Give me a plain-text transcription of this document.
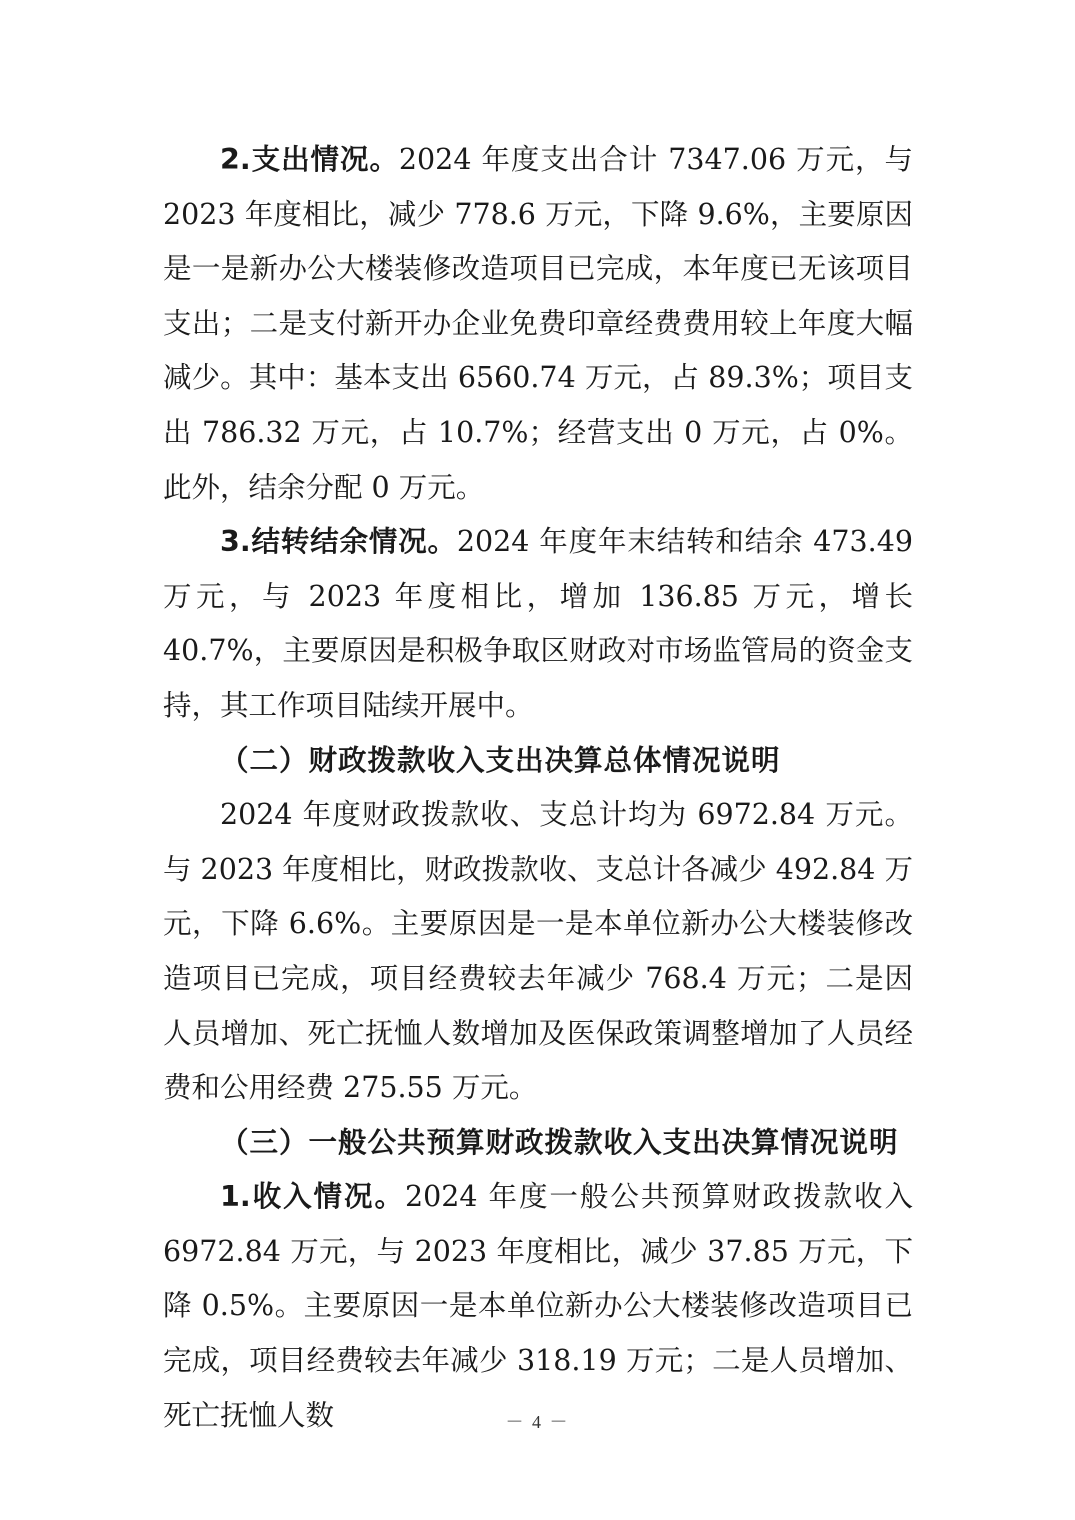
2.支出情况。2024 年度支出合计 7347.06 万元，与 2023 年度相比，减少 778.6 万元，下降 9.6%，主要原因是一是新办公大楼装修改造项目已完成，本年度已无该项目支出；二是支付新开办企业免费印章经费费用较上年度大幅减少。其中：基本支出 6560.74 万元，占 89.3%；项目支出 786.32 万元，占 10.7%；经营支出 0 万元，占 0%。此外，结余分配 0 万元。

3.结转结余情况。2024 年度年末结转和结余 473.49 万元，与 2023 年度相比，增加 136.85 万元，增长 40.7%，主要原因是积极争取区财政对市场监管局的资金支持，其工作项目陆续开展中。

（二）财政拨款收入支出决算总体情况说明

2024 年度财政拨款收、支总计均为 6972.84 万元。与 2023 年度相比，财政拨款收、支总计各减少 492.84 万元，下降 6.6%。主要原因是一是本单位新办公大楼装修改造项目已完成，项目经费较去年减少 768.4 万元；二是因人员增加、死亡抚恤人数增加及医保政策调整增加了人员经费和公用经费 275.55 万元。

（三）一般公共预算财政拨款收入支出决算情况说明

1.收入情况。2024 年度一般公共预算财政拨款收入 6972.84 万元，与 2023 年度相比，减少 37.85 万元，下降 0.5%。主要原因一是本单位新办公大楼装修改造项目已完成，项目经费较去年减少 318.19 万元；二是人员增加、死亡抚恤人数	－ 4 －
